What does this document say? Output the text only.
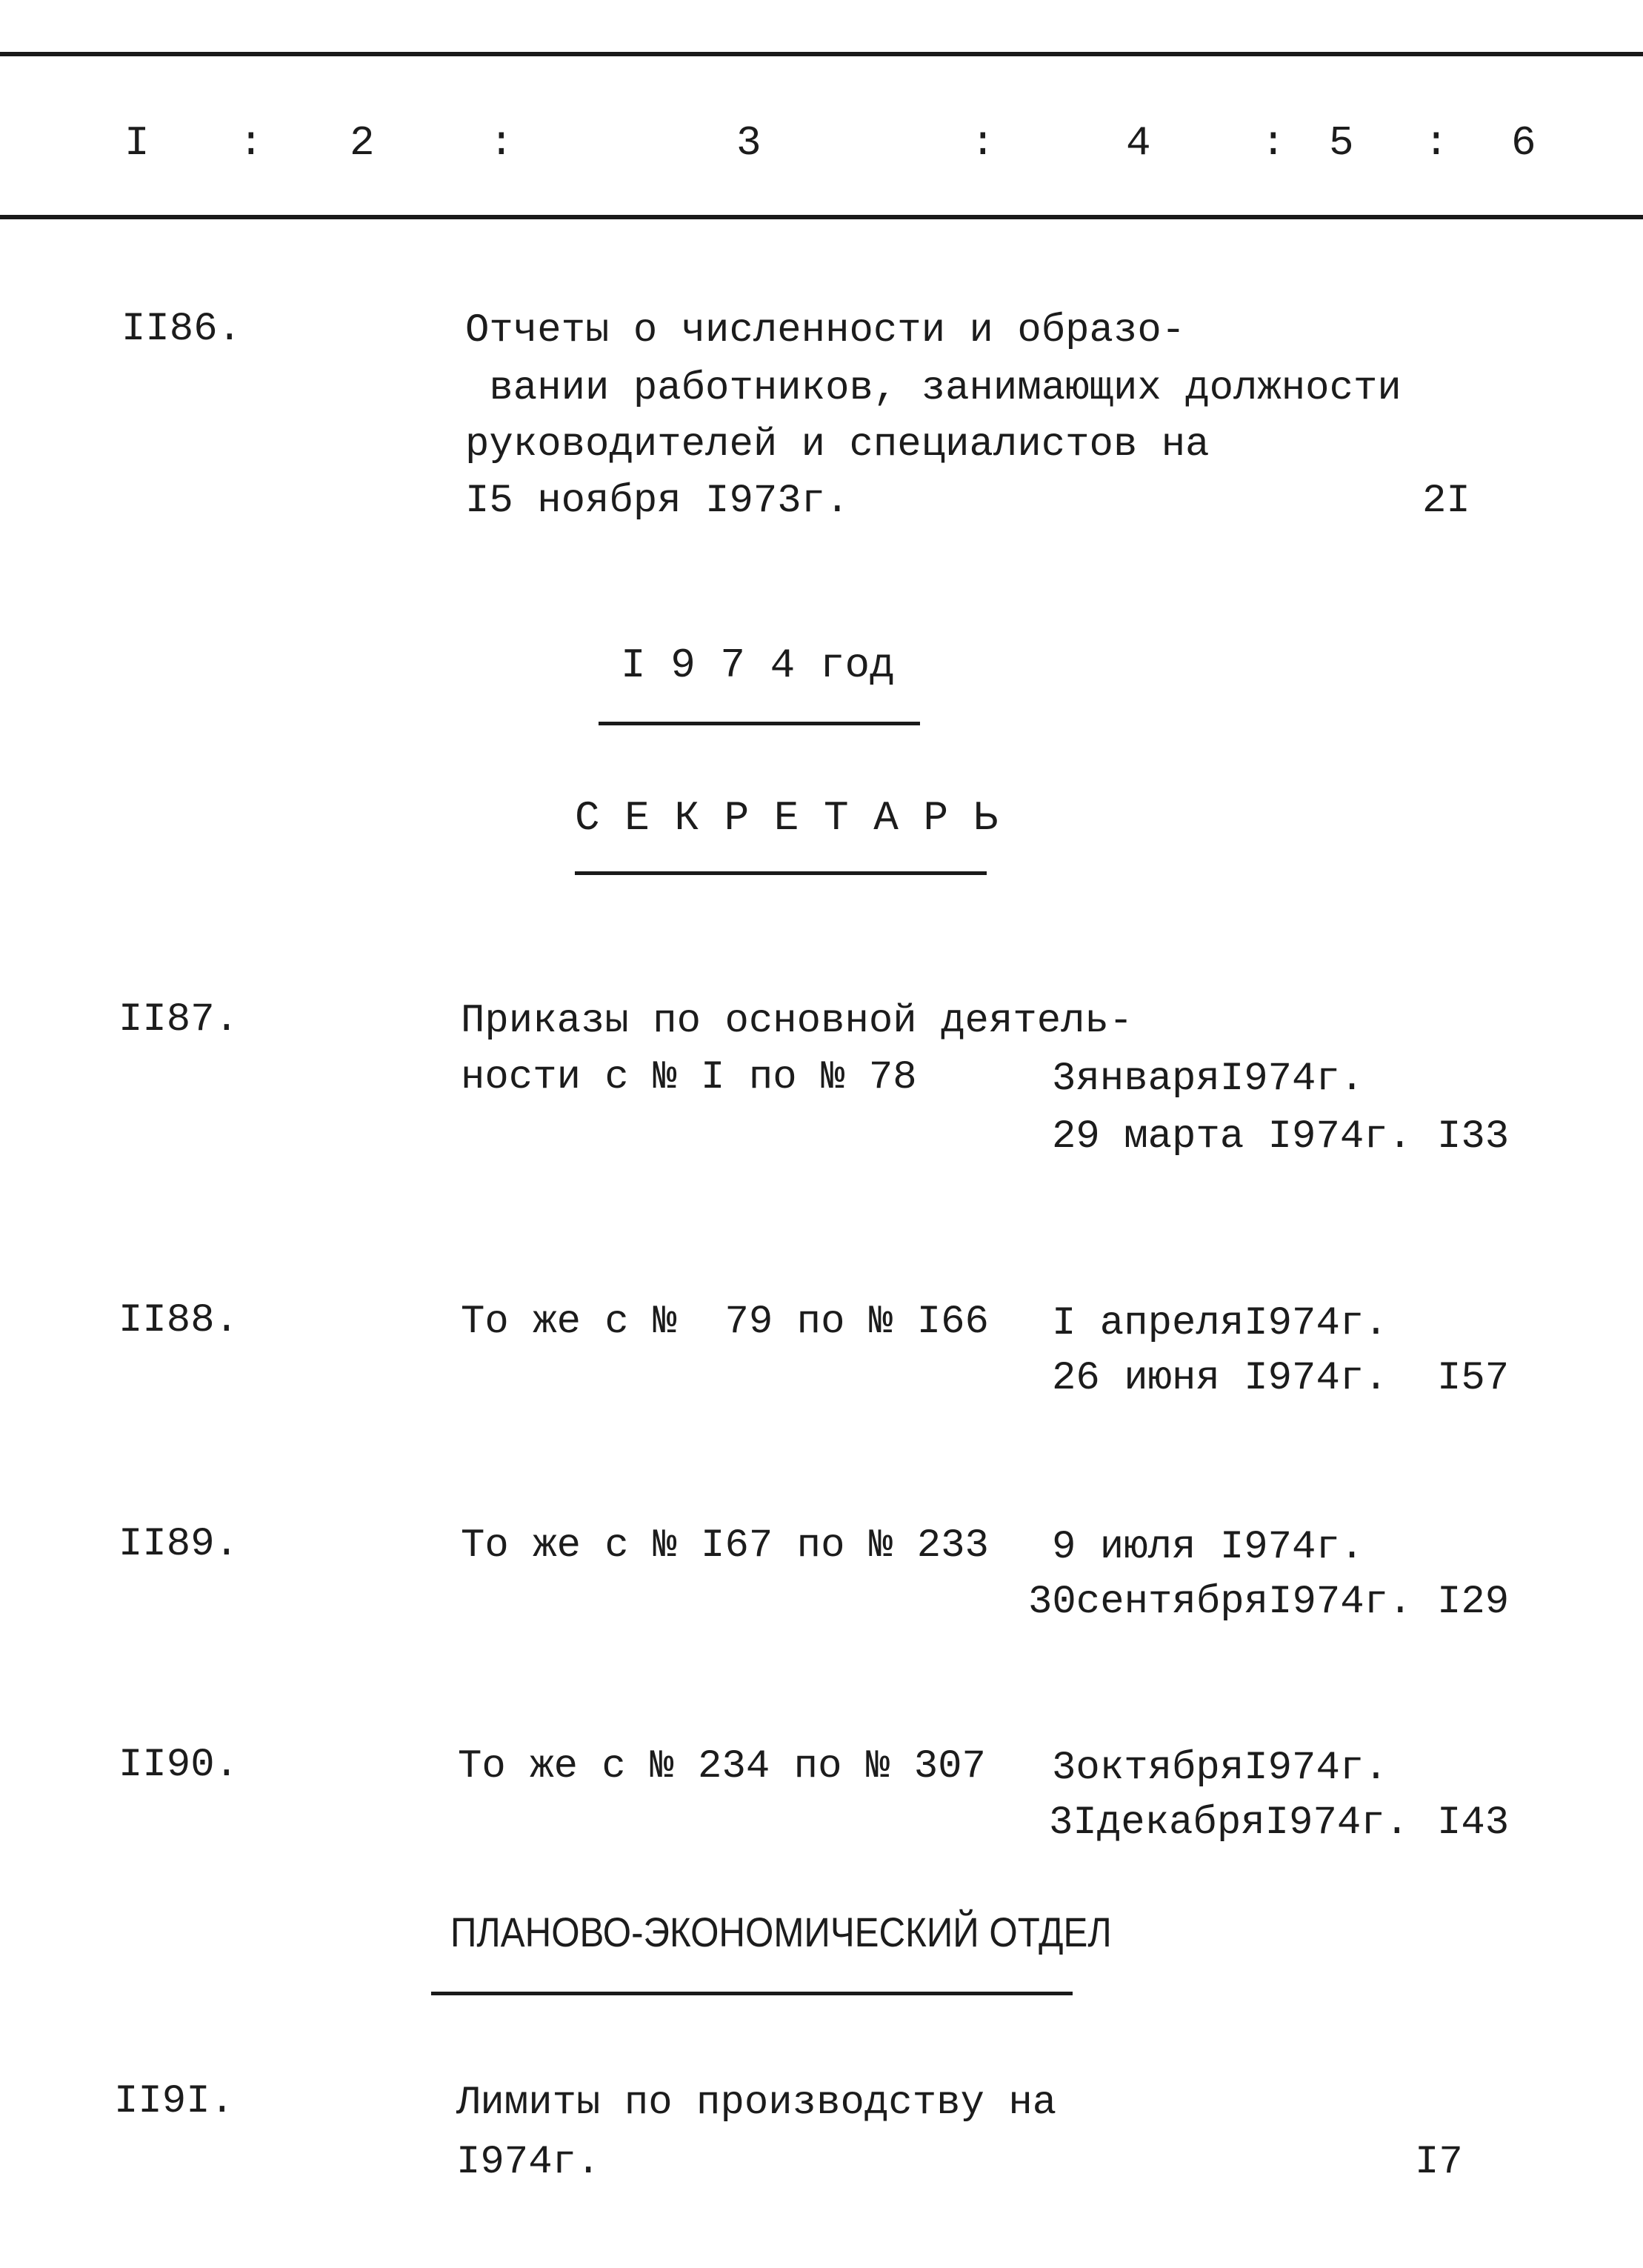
I : 2	:	3	:	4	: 5 : 6
II86.	Отчеты о численности и образо-
вании работников, занимающих должности
руководителей и специалистов на
I5 ноября I973г.	2I
I 9 7 4 год
С Е К Р Е Т А Р Ь
II87.	Приказы по основной деятель-
ности с № I по № 78	3январяI974г.
29 марта I974г. I33
II88.	То же с №  79 по № I66 I апреляI974г.
26 июня I974г. I57
II89.	То же с № I67 по № 233 9 июля I974г.
30сентябряI974г. I29
II90.	То же с № 234 по № 307 3октябряI974г.
3IдекабряI974г. I43
ПЛАНОВО-ЭКОНОМИЧЕСКИЙ ОТДЕЛ
II9I.	Лимиты по производству на
I974г.	I7
